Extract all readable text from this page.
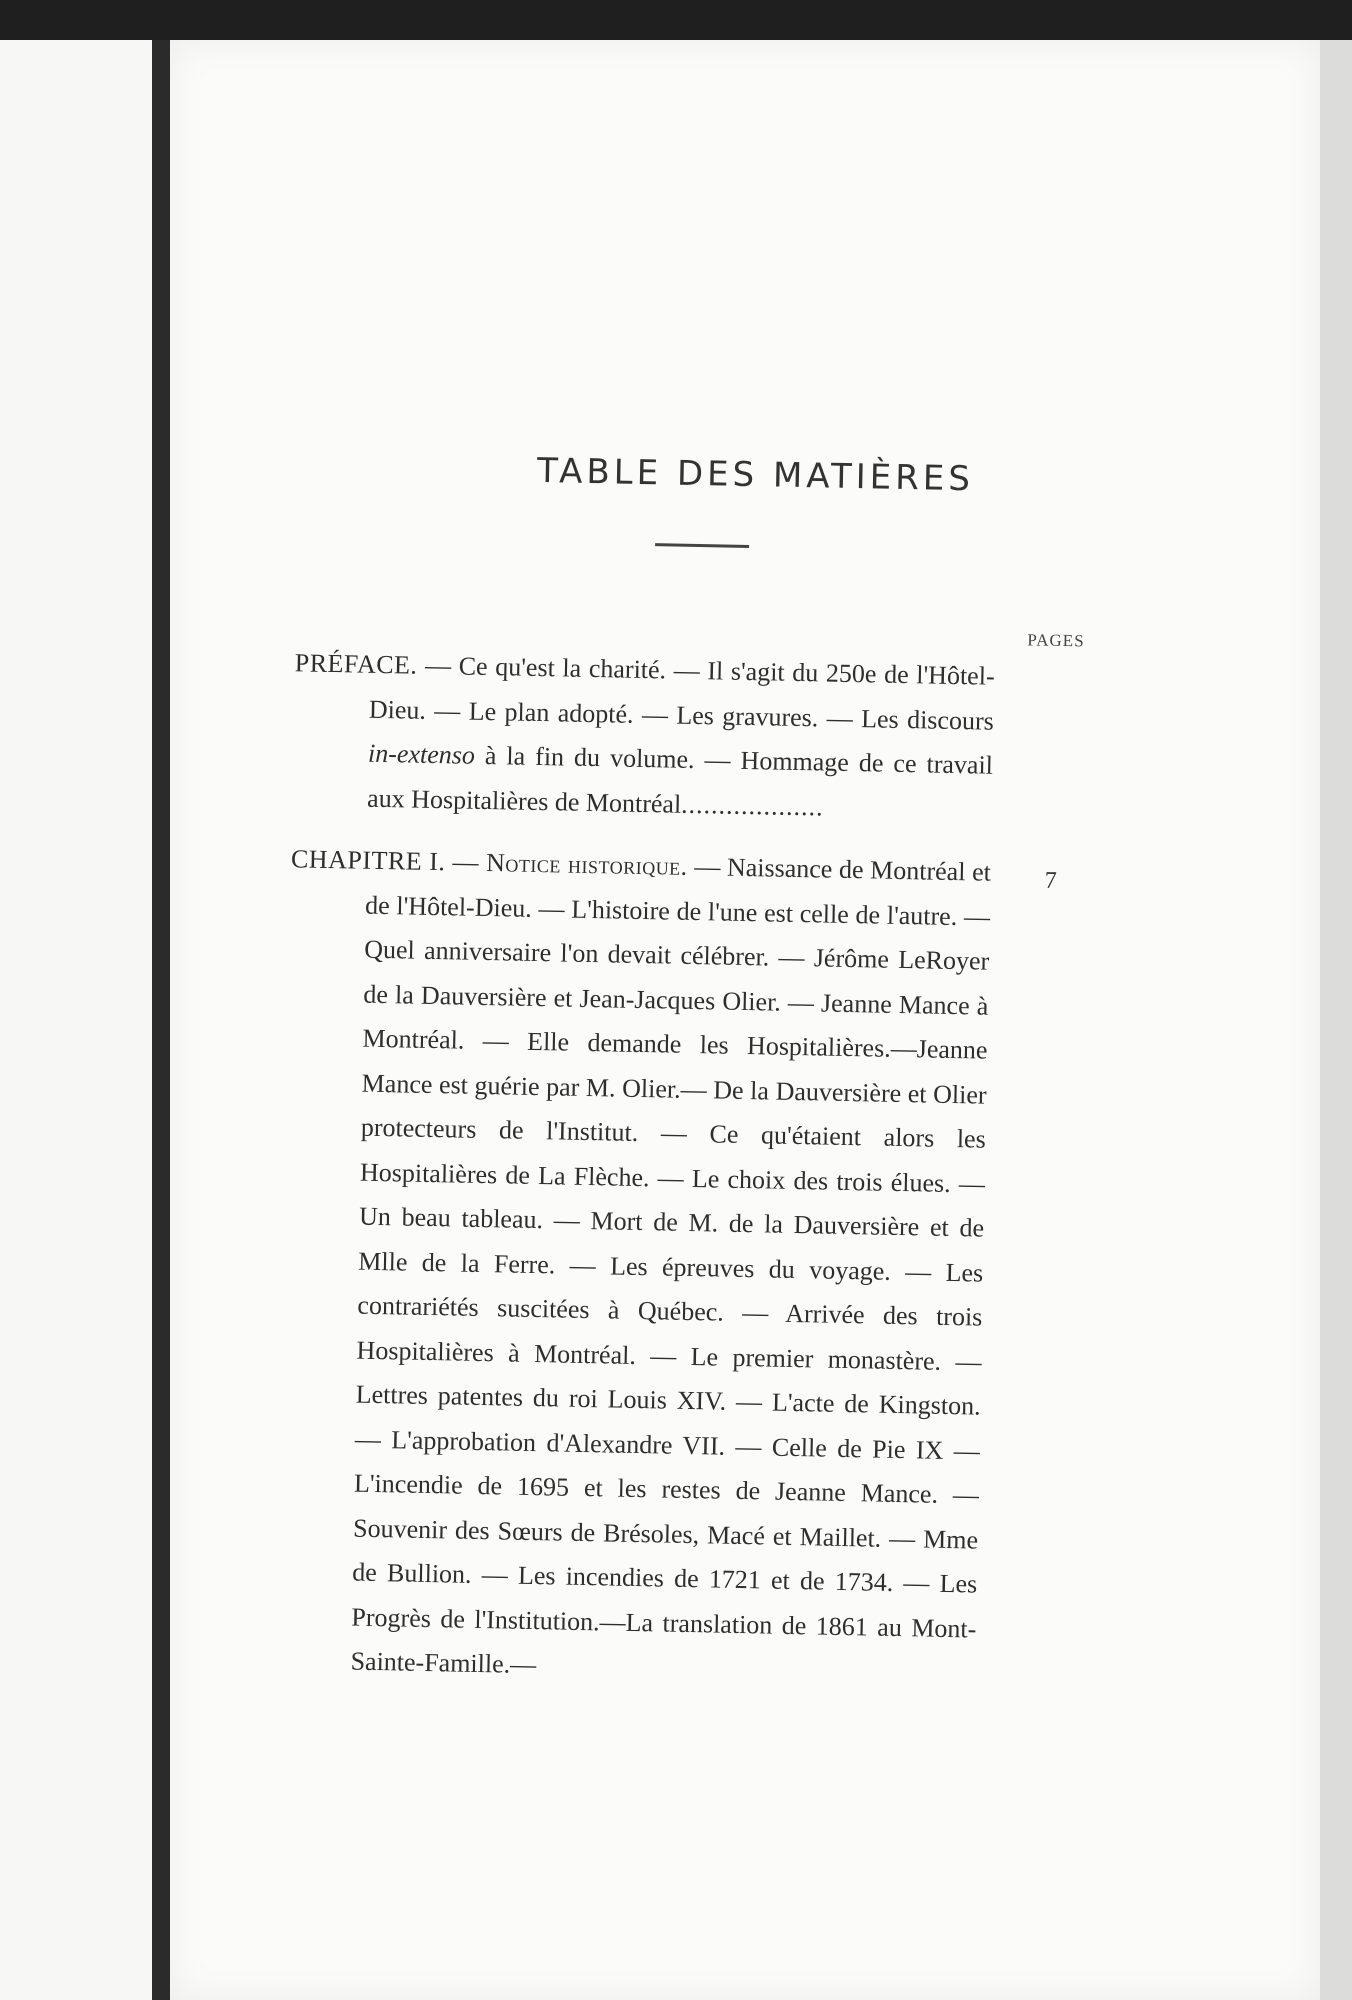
TABLE DES MATIÈRES
PAGES

PRÉFACE. — Ce qu'est la charité. — Il s'agit du 250e de l'Hôtel-Dieu. — Le plan adopté. — Les gravures. — Les discours in-extenso à la fin du volume. — Hommage de ce travail aux Hospitalières de Montréal...................

7

CHAPITRE I. — Notice historique. — Naissance de Montréal et de l'Hôtel-Dieu. — L'histoire de l'une est celle de l'autre. — Quel anniversaire l'on devait célébrer. — Jérôme LeRoyer de la Dauversière et Jean-Jacques Olier. — Jeanne Mance à Montréal. — Elle demande les Hospitalières.—Jeanne Mance est guérie par M. Olier.— De la Dauversière et Olier protecteurs de l'Institut. — Ce qu'étaient alors les Hospitalières de La Flèche. — Le choix des trois élues. — Un beau tableau. — Mort de M. de la Dauversière et de Mlle de la Ferre. — Les épreuves du voyage. — Les contrariétés suscitées à Québec. — Arrivée des trois Hospitalières à Montréal. — Le premier monastère. — Lettres patentes du roi Louis XIV. — L'acte de Kingston. — L'approbation d'Alexandre VII. — Celle de Pie IX — L'incendie de 1695 et les restes de Jeanne Mance. — Souvenir des Sœurs de Brésoles, Macé et Maillet. — Mme de Bullion. — Les incendies de 1721 et de 1734. — Les Progrès de l'Institution.—La translation de 1861 au Mont-Sainte-Famille.—
